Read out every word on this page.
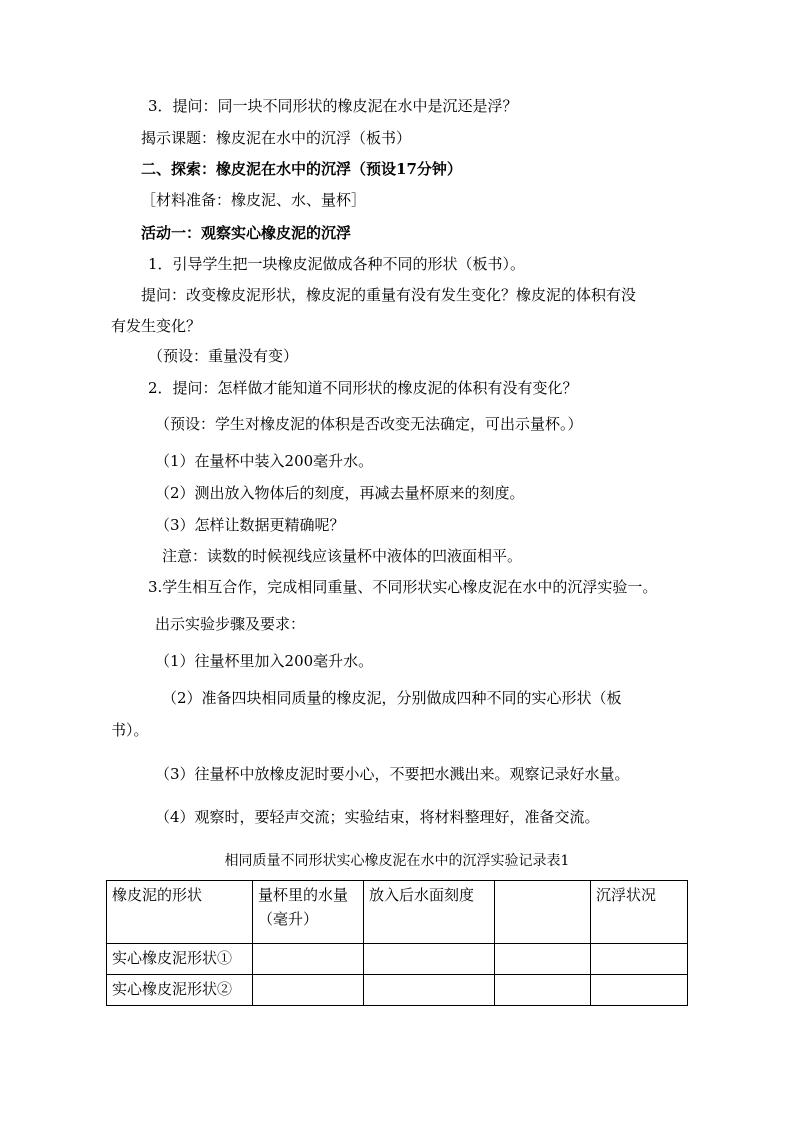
3．提问：同一块不同形状的橡皮泥在水中是沉还是浮？
揭示课题：橡皮泥在水中的沉浮（板书）
二、探索：橡皮泥在水中的沉浮（预设17分钟）
［材料准备：橡皮泥、水、量杯］
活动一：观察实心橡皮泥的沉浮
1．引导学生把一块橡皮泥做成各种不同的形状（板书）。
提问：改变橡皮泥形状，橡皮泥的重量有没有发生变化？橡皮泥的体积有没
有发生变化？
（预设：重量没有变）
2．提问：怎样做才能知道不同形状的橡皮泥的体积有没有变化？
（预设：学生对橡皮泥的体积是否改变无法确定，可出示量杯。）
（1）在量杯中装入200毫升水。
（2）测出放入物体后的刻度，再减去量杯原来的刻度。
（3）怎样让数据更精确呢？
注意：读数的时候视线应该量杯中液体的凹液面相平。
3.学生相互合作，完成相同重量、不同形状实心橡皮泥在水中的沉浮实验一。
出示实验步骤及要求：
（1）往量杯里加入200毫升水。
（2）准备四块相同质量的橡皮泥，分别做成四种不同的实心形状（板
书）。
（3）往量杯中放橡皮泥时要小心，不要把水溅出来。观察记录好水量。
（4）观察时，要轻声交流；实验结束，将材料整理好，准备交流。
相同质量不同形状实心橡皮泥在水中的沉浮实验记录表1
橡皮泥的形状	量杯里的水量（毫升）	放入后水面刻度		沉浮状况
实心橡皮泥形状①				
实心橡皮泥形状②				
